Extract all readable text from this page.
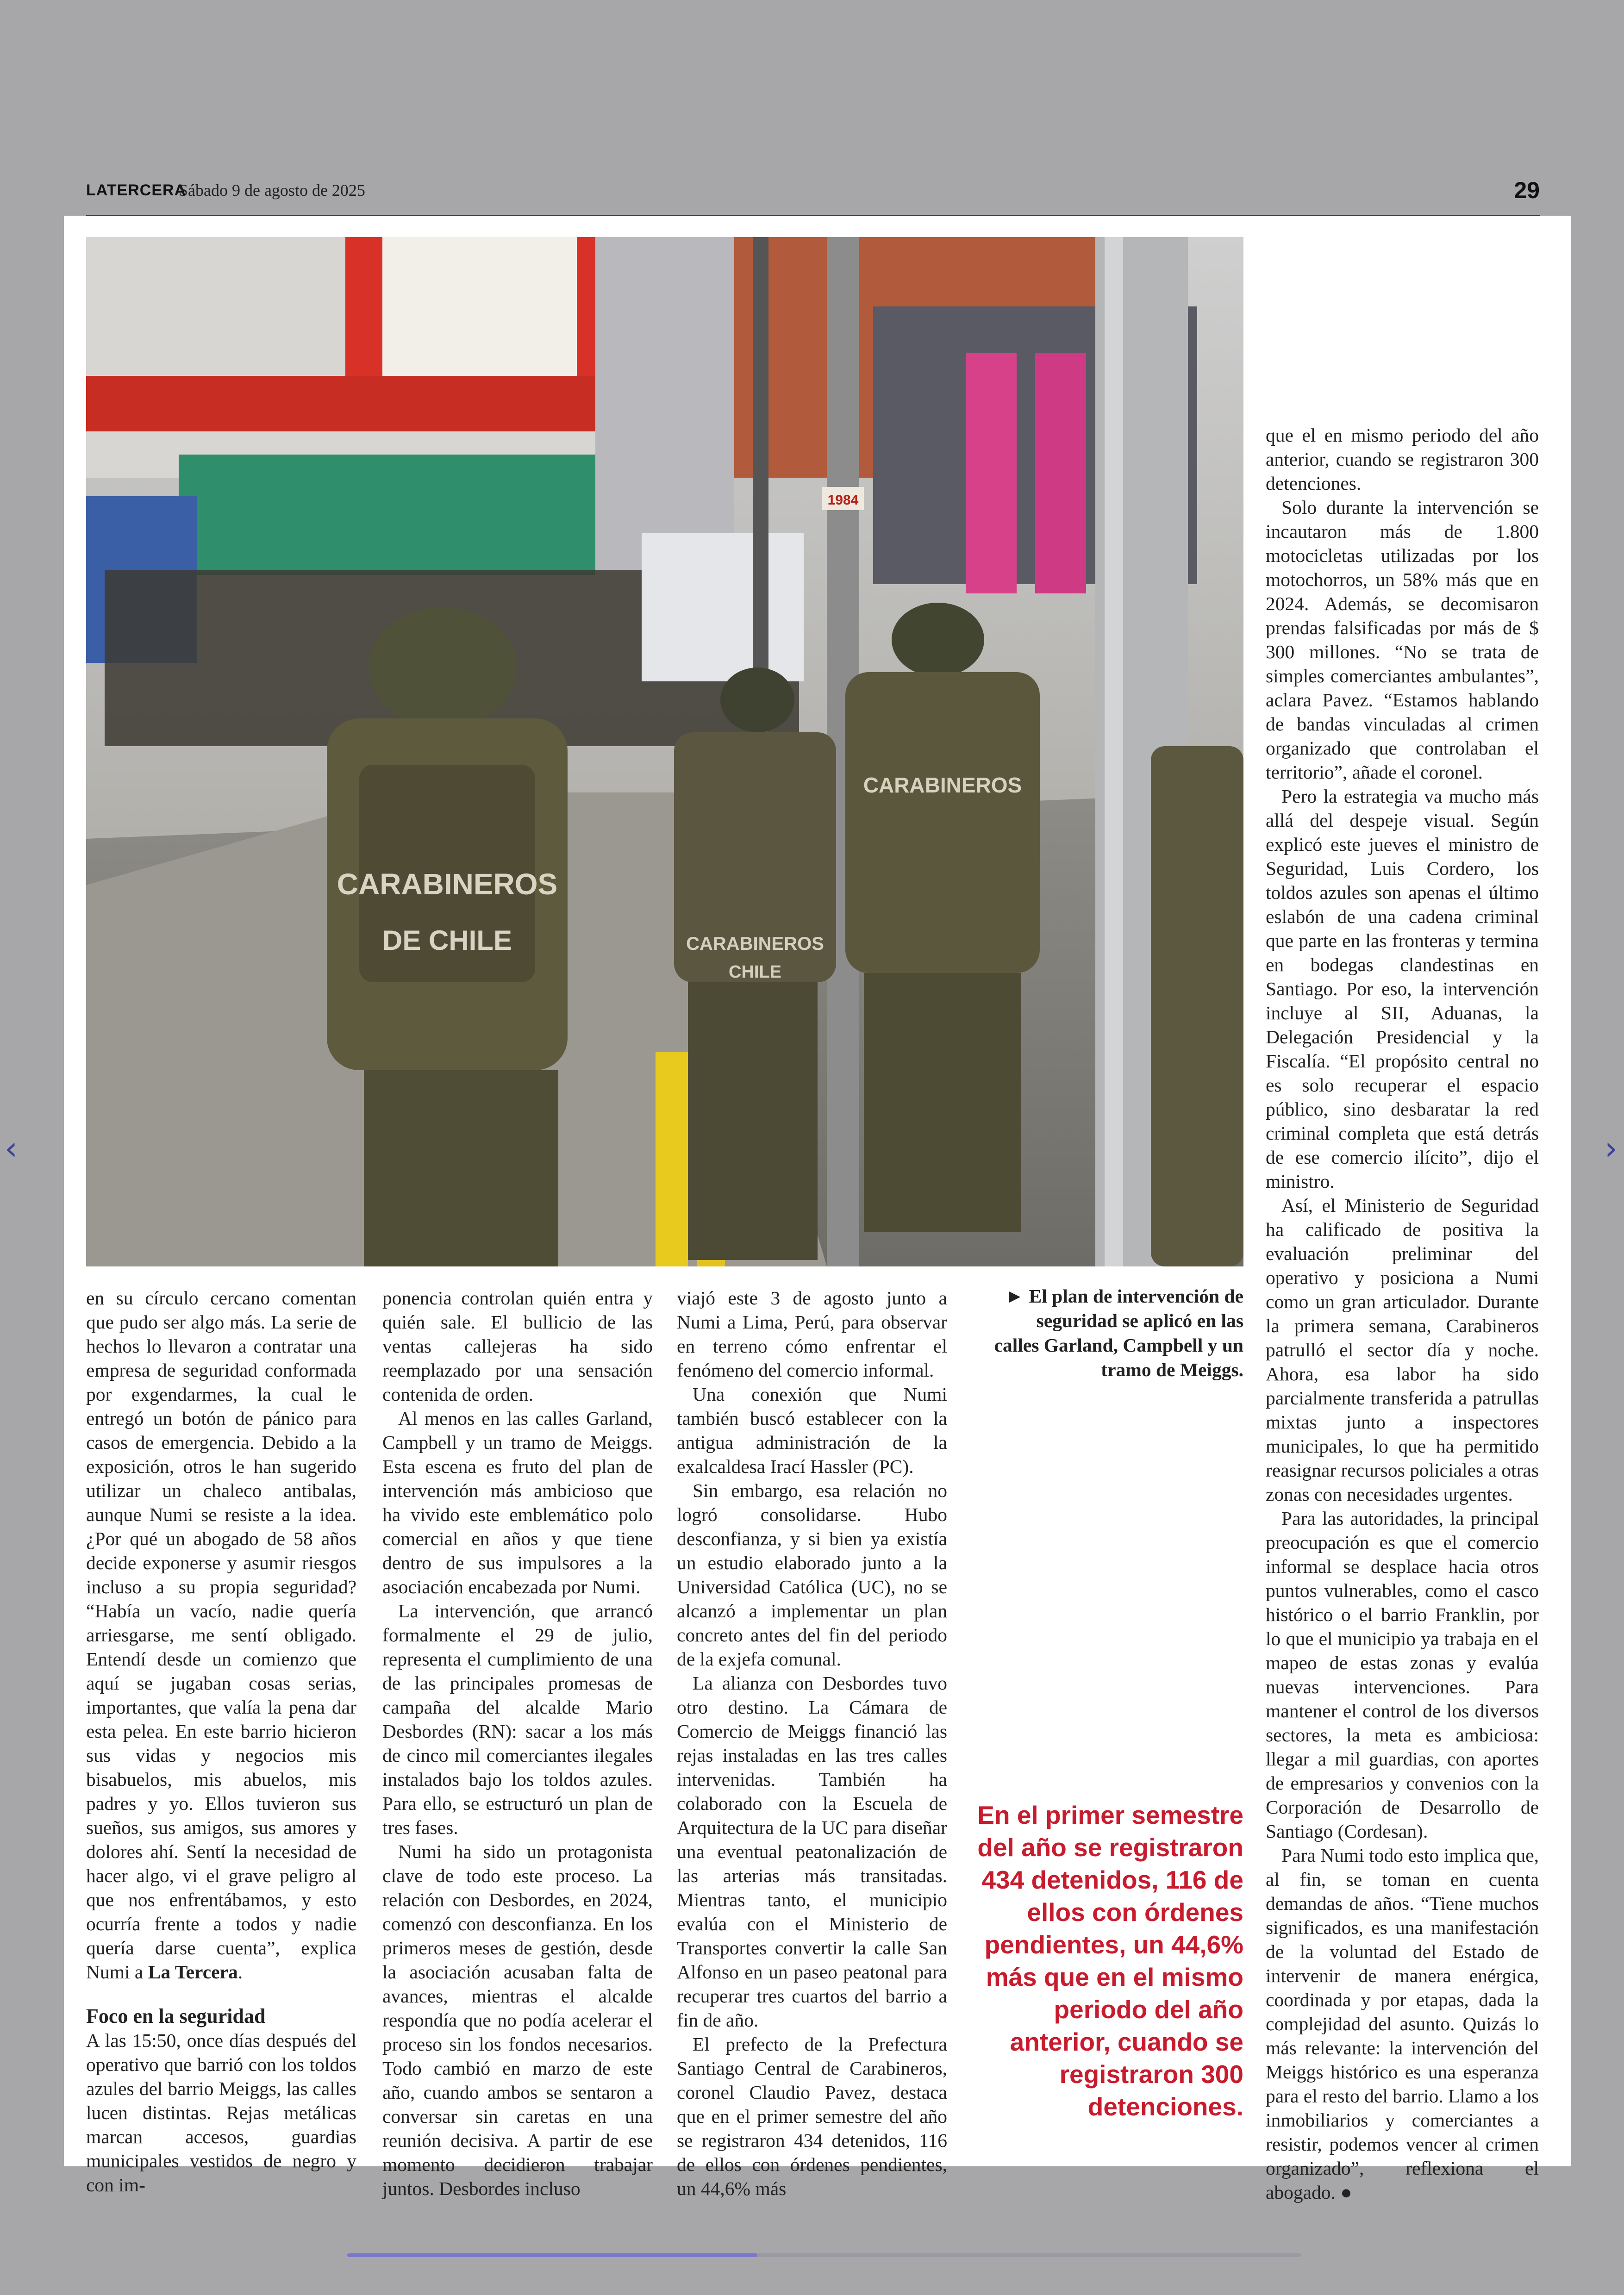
LATERCERA
Sábado 9 de agosto de 2025	29
CARABINEROS
DE CHILE	CARABINEROS
CHILE
CARABINEROS
1984

en su círculo cercano comentan que pudo ser algo más. La serie de hechos lo llevaron a contratar una empresa de seguridad conformada por exgendarmes, la cual le entregó un botón de pánico para casos de emergencia. Debido a la exposición, otros le han sugerido utilizar un chaleco antibalas, aunque Numi se resiste a la idea. ¿Por qué un abogado de 58 años decide exponerse y asumir riesgos incluso a su propia seguridad? “Había un vacío, nadie quería arriesgarse, me sentí obligado. Entendí desde un comienzo que aquí se jugaban cosas serias, importantes, que valía la pena dar esta pelea. En este barrio hicieron sus vidas y negocios mis bisabuelos, mis abuelos, mis padres y yo. Ellos tuvieron sus sueños, sus amigos, sus amores y dolores ahí. Sentí la necesidad de hacer algo, vi el grave peligro al que nos enfrentábamos, y esto ocurría frente a todos y nadie quería darse cuenta”, explica Numi a La Tercera.

Foco en la seguridad

A las 15:50, once días después del operativo que barrió con los toldos azules del barrio Meiggs, las calles lucen distintas. Rejas metálicas marcan accesos, guardias municipales vestidos de negro y con im-

ponencia controlan quién entra y quién sale. El bullicio de las ventas callejeras ha sido reemplazado por una sensación contenida de orden.

Al menos en las calles Garland, Campbell y un tramo de Meiggs. Esta escena es fruto del plan de intervención más ambicioso que ha vivido este emblemático polo comercial en años y que tiene dentro de sus impulsores a la asociación encabezada por Numi.

La intervención, que arrancó formalmente el 29 de julio, representa el cumplimiento de una de las principales promesas de campaña del alcalde Mario Desbordes (RN): sacar a los más de cinco mil comerciantes ilegales instalados bajo los toldos azules. Para ello, se estructuró un plan de tres fases.

Numi ha sido un protagonista clave de todo este proceso. La relación con Desbordes, en 2024, comenzó con desconfianza. En los primeros meses de gestión, desde la asociación acusaban falta de avances, mientras el alcalde respondía que no podía acelerar el proceso sin los fondos necesarios. Todo cambió en marzo de este año, cuando ambos se sentaron a conversar sin caretas en una reunión decisiva. A partir de ese momento decidieron trabajar juntos. Desbordes incluso

viajó este 3 de agosto junto a Numi a Lima, Perú, para observar en terreno cómo enfrentar el fenómeno del comercio informal.

Una conexión que Numi también buscó establecer con la antigua administración de la exalcaldesa Irací Hassler (PC).

Sin embargo, esa relación no logró consolidarse. Hubo desconfianza, y si bien ya existía un estudio elaborado junto a la Universidad Católica (UC), no se alcanzó a implementar un plan concreto antes del fin del periodo de la exjefa comunal.

La alianza con Desbordes tuvo otro destino. La Cámara de Comercio de Meiggs financió las rejas instaladas en las tres calles intervenidas. También ha colaborado con la Escuela de Arquitectura de la UC para diseñar una eventual peatonalización de las arterias más transitadas. Mientras tanto, el municipio evalúa con el Ministerio de Transportes convertir la calle San Alfonso en un paseo peatonal para recuperar tres cuartos del barrio a fin de año.

El prefecto de la Prefectura Santiago Central de Carabineros, coronel Claudio Pavez, destaca que en el primer semestre del año se registraron 434 detenidos, 116 de ellos con órdenes pendientes, un 44,6% más

► El plan de intervención de seguridad se aplicó en las calles Garland, Campbell y un tramo de Meiggs.
En el primer semestre del año se registraron 434 detenidos, 116 de ellos con órdenes pendientes, un 44,6% más que en el mismo periodo del año anterior, cuando se registraron 300 detenciones.

que el en mismo periodo del año anterior, cuando se registraron 300 detenciones.

Solo durante la intervención se incautaron más de 1.800 motocicletas utilizadas por los motochorros, un 58% más que en 2024. Además, se decomisaron prendas falsificadas por más de $ 300 millones. “No se trata de simples comerciantes ambulantes”, aclara Pavez. “Estamos hablando de bandas vinculadas al crimen organizado que controlaban el territorio”, añade el coronel.

Pero la estrategia va mucho más allá del despeje visual. Según explicó este jueves el ministro de Seguridad, Luis Cordero, los toldos azules son apenas el último eslabón de una cadena criminal que parte en las fronteras y termina en bodegas clandestinas en Santiago. Por eso, la intervención incluye al SII, Aduanas, la Delegación Presidencial y la Fiscalía. “El propósito central no es solo recuperar el espacio público, sino desbaratar la red criminal completa que está detrás de ese comercio ilícito”, dijo el ministro.

Así, el Ministerio de Seguridad ha calificado de positiva la evaluación preliminar del operativo y posiciona a Numi como un gran articulador. Durante la primera semana, Carabineros patrulló el sector día y noche. Ahora, esa labor ha sido parcialmente transferida a patrullas mixtas junto a inspectores municipales, lo que ha permitido reasignar recursos policiales a otras zonas con necesidades urgentes.

Para las autoridades, la principal preocupación es que el comercio informal se desplace hacia otros puntos vulnerables, como el casco histórico o el barrio Franklin, por lo que el municipio ya trabaja en el mapeo de estas zonas y evalúa nuevas intervenciones. Para mantener el control de los diversos sectores, la meta es ambiciosa: llegar a mil guardias, con aportes de empresarios y convenios con la Corporación de Desarrollo de Santiago (Cordesan).

Para Numi todo esto implica que, al fin, se toman en cuenta demandas de años. “Tiene muchos significados, es una manifestación de la voluntad del Estado de intervenir de manera enérgica, coordinada y por etapas, dada la complejidad del asunto. Quizás lo más relevante: la intervención del Meiggs histórico es una esperanza para el resto del barrio. Llamo a los inmobiliarios y comerciantes a resistir, podemos vencer al crimen organizado”, reflexiona el abogado. ●

‹	›
